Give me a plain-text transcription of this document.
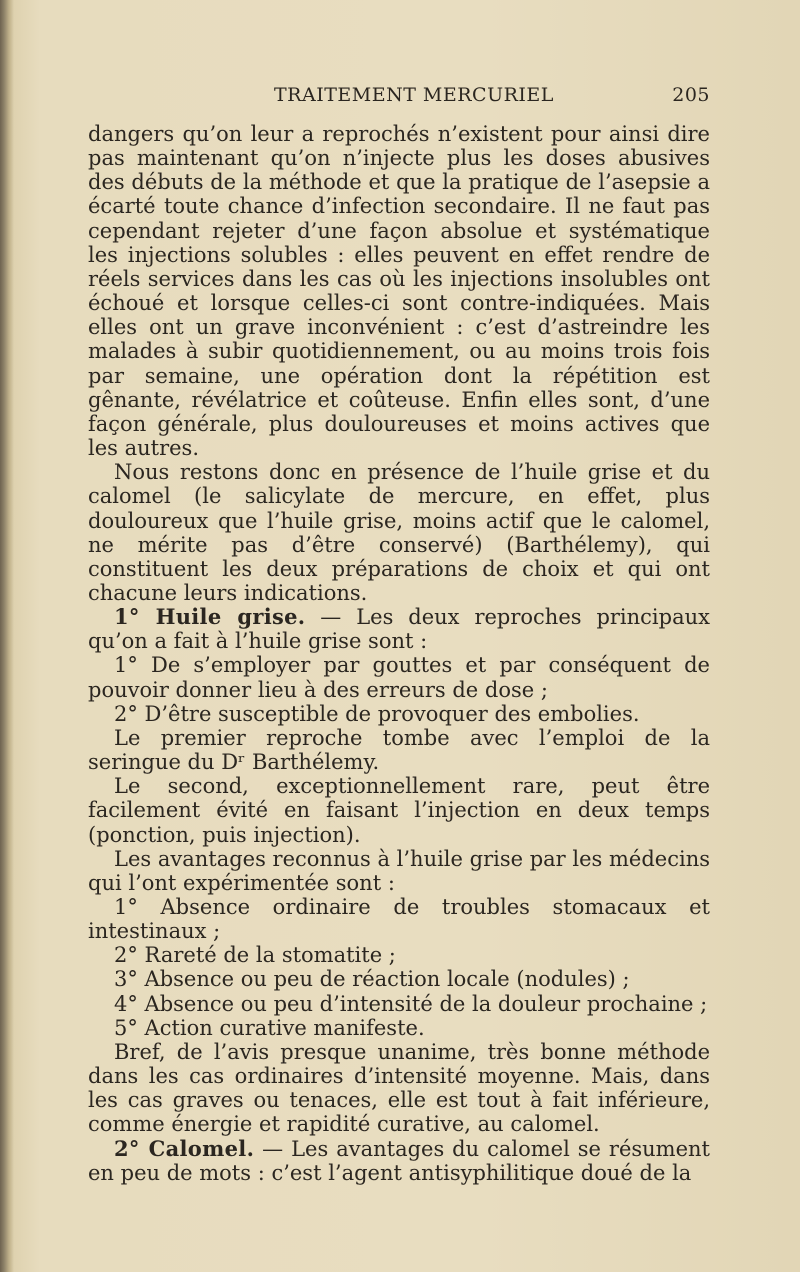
TRAITEMENT MERCURIEL	205

dangers qu’on leur a reprochés n’existent pour ainsi dire pas maintenant qu’on n’injecte plus les doses abusives des débuts de la méthode et que la pratique de l’asepsie a écarté toute chance d’infection secondaire. Il ne faut pas cependant rejeter d’une façon absolue et systématique les injections solubles : elles peuvent en effet rendre de réels services dans les cas où les injections insolubles ont échoué et lorsque celles-ci sont contre-indiquées. Mais elles ont un grave inconvénient : c’est d’astreindre les malades à subir quotidiennement, ou au moins trois fois par semaine, une opération dont la répétition est gênante, révélatrice et coûteuse. Enfin elles sont, d’une façon générale, plus douloureuses et moins actives que les autres.

Nous restons donc en présence de l’huile grise et du calomel (le salicylate de mercure, en effet, plus douloureux que l’huile grise, moins actif que le calomel, ne mérite pas d’être conservé) (Barthélemy), qui constituent les deux préparations de choix et qui ont chacune leurs indications.

1° Huile grise. — Les deux reproches principaux qu’on a fait à l’huile grise sont :

1° De s’employer par gouttes et par conséquent de pouvoir donner lieu à des erreurs de dose ;

2° D’être susceptible de provoquer des embolies.

Le premier reproche tombe avec l’emploi de la seringue du Dʳ Barthélemy.

Le second, exceptionnellement rare, peut être facilement évité en faisant l’injection en deux temps (ponction, puis injection).

Les avantages reconnus à l’huile grise par les médecins qui l’ont expérimentée sont :

1° Absence ordinaire de troubles stomacaux et intestinaux ;

2° Rareté de la stomatite ;

3° Absence ou peu de réaction locale (nodules) ;

4° Absence ou peu d’intensité de la douleur prochaine ;

5° Action curative manifeste.

Bref, de l’avis presque unanime, très bonne méthode dans les cas ordinaires d’intensité moyenne. Mais, dans les cas graves ou tenaces, elle est tout à fait inférieure, comme énergie et rapidité curative, au calomel.

2° Calomel. — Les avantages du calomel se résument en peu de mots : c’est l’agent antisyphilitique doué de la
